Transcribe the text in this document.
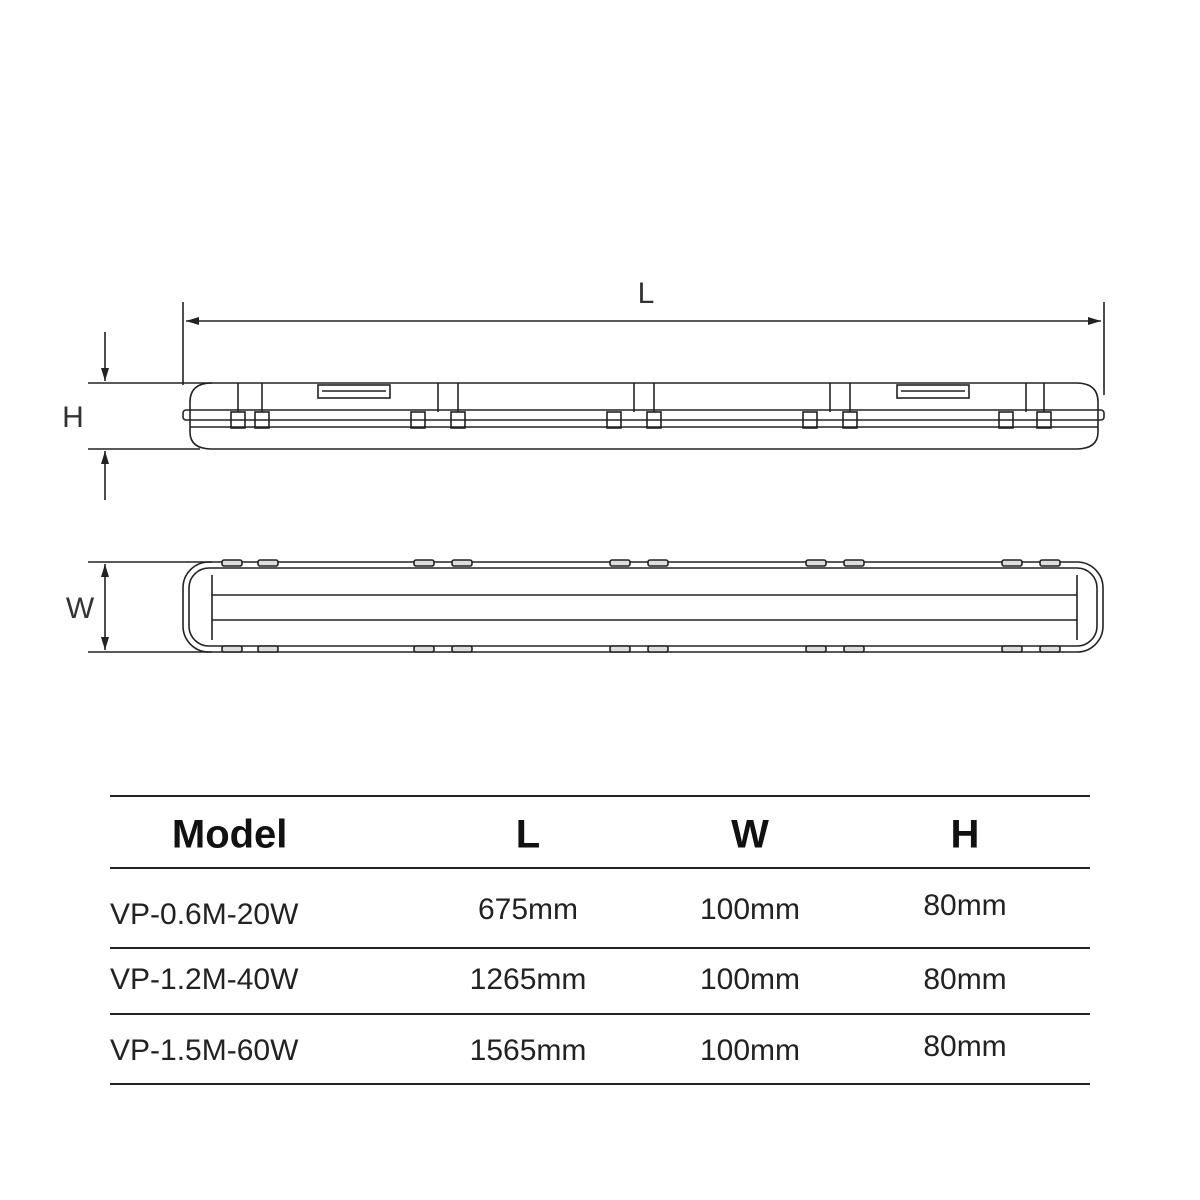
L
H
W
Model	L	W	H
VP-0.6M-20W	675mm	100mm	80mm
VP-1.2M-40W	1265mm	100mm	80mm
VP-1.5M-60W	1565mm	100mm	80mm
